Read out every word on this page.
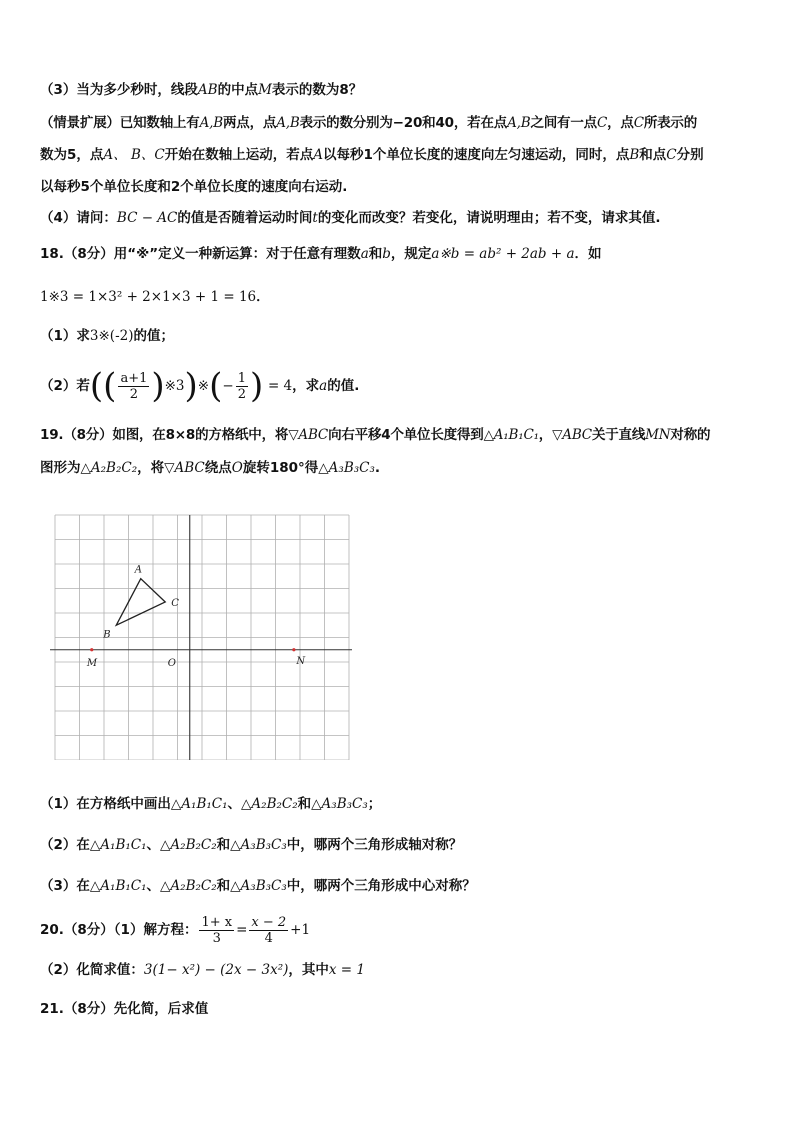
（3）当为多少秒时，线段AB的中点M表示的数为8？
（情景扩展）已知数轴上有A,B两点，点A,B表示的数分别为−20和40，若在点A,B之间有一点C，点C所表示的
数为5，点A、 B、C开始在数轴上运动，若点A以每秒1个单位长度的速度向左匀速运动，同时，点B和点C分别
以每秒5个单位长度和2个单位长度的速度向右运动.
（4）请问：BC − AC的值是否随着运动时间t的变化而改变？若变化，请说明理由；若不变，请求其值.
18.（8分）用“※”定义一种新运算：对于任意有理数a和b，规定a※b = ab² + 2ab + a．如
1※3 = 1×3² + 2×1×3 + 1 = 16．
（1）求3※(-2)的值；
（2）若(( $\frac{a+1}{2}$ )※3)※(− $\frac{1}{2}$ ) = 4，求a的值.
19.（8分）如图，在8×8的方格纸中，将▽ABC向右平移4个单位长度得到△A₁B₁C₁，▽ABC关于直线MN对称的
图形为△A₂B₂C₂，将▽ABC绕点O旋转180°得△A₃B₃C₃.
A
B
C
M	O	N
（1）在方格纸中画出△A₁B₁C₁、△A₂B₂C₂和△A₃B₃C₃；
（2）在△A₁B₁C₁、△A₂B₂C₂和△A₃B₃C₃中，哪两个三角形成轴对称？
（3）在△A₁B₁C₁、△A₂B₂C₂和△A₃B₃C₃中，哪两个三角形成中心对称？
20.（8分）（1）解方程： $\frac{1+ x}{3} = \frac{x - 2}{4} +1$
（2）化简求值：3(1− x²) − (2x − 3x²)，其中x = 1
21.（8分）先化简，后求值
